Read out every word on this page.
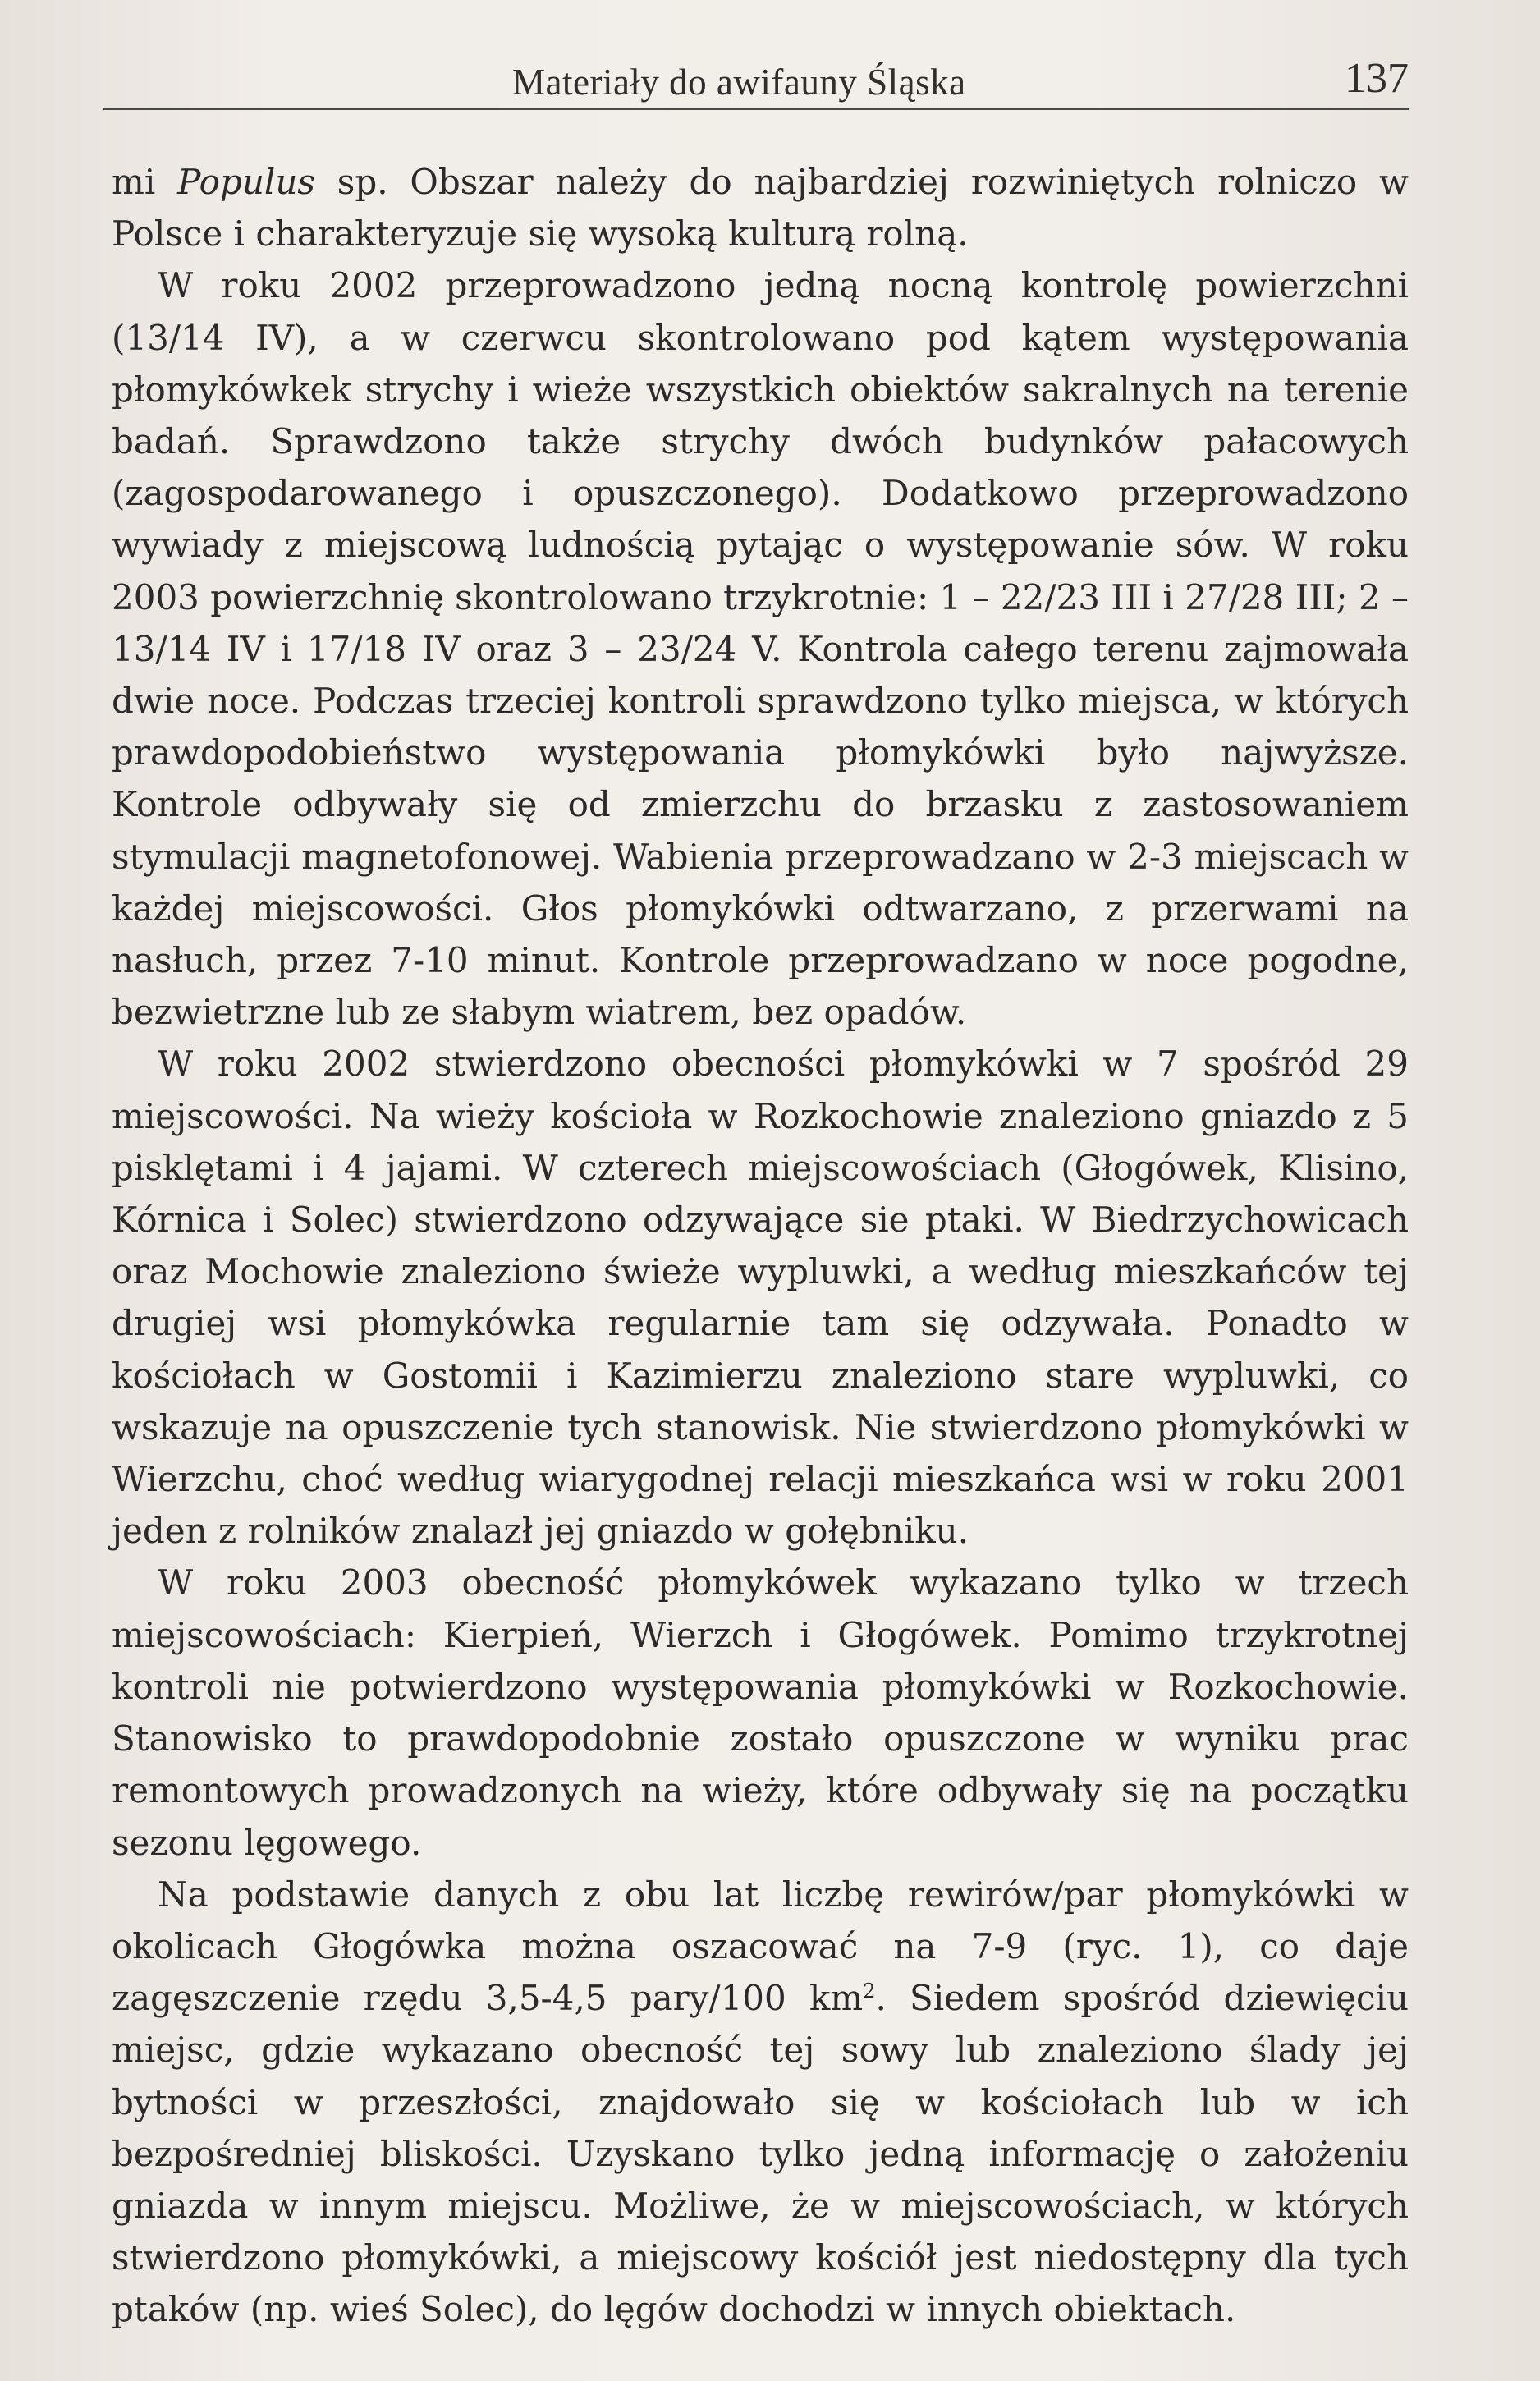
Materiały do awifauny Śląska	137

mi Populus sp. Obszar należy do najbardziej rozwiniętych rolniczo w Polsce i charakteryzuje się wysoką kulturą rolną.

W roku 2002 przeprowadzono jedną nocną kontrolę powierzchni (13/14 IV), a w czerwcu skontrolowano pod kątem występowania płomykówkek strychy i wieże wszystkich obiektów sakralnych na terenie badań. Sprawdzono także strychy dwóch budynków pałacowych (zagospodarowanego i opuszczonego). Dodatkowo przeprowadzono wywiady z miejscową ludnością pytając o występowanie sów. W roku 2003 powierzchnię skontrolowano trzykrotnie: 1 – 22/23 III i 27/28 III; 2 – 13/14 IV i 17/18 IV oraz 3 – 23/24 V. Kontrola całego terenu zajmowała dwie noce. Podczas trzeciej kontroli sprawdzono tylko miejsca, w których prawdopodobieństwo występowania płomykówki było najwyższe. Kontrole odbywały się od zmierzchu do brzasku z zastosowaniem stymulacji magnetofonowej. Wabienia przeprowadzano w 2-3 miejscach w każdej miejscowości. Głos płomykówki odtwarzano, z przerwami na nasłuch, przez 7-10 minut. Kontrole przeprowadzano w noce pogodne, bezwietrzne lub ze słabym wiatrem, bez opadów.

W roku 2002 stwierdzono obecności płomykówki w 7 spośród 29 miejscowości. Na wieży kościoła w Rozkochowie znaleziono gniazdo z 5 pisklętami i 4 jajami. W czterech miejscowościach (Głogówek, Klisino, Kórnica i Solec) stwierdzono odzywające sie ptaki. W Biedrzychowicach oraz Mochowie znaleziono świeże wypluwki, a według mieszkańców tej drugiej wsi płomykówka regularnie tam się odzywała. Ponadto w kościołach w Gostomii i Kazimierzu znaleziono stare wypluwki, co wskazuje na opuszczenie tych stanowisk. Nie stwierdzono płomykówki w Wierzchu, choć według wiarygodnej relacji mieszkańca wsi w roku 2001 jeden z rolników znalazł jej gniazdo w gołębniku.

W roku 2003 obecność płomykówek wykazano tylko w trzech miejscowościach: Kierpień, Wierzch i Głogówek. Pomimo trzykrotnej kontroli nie potwierdzono występowania płomykówki w Rozkochowie. Stanowisko to prawdopodobnie zostało opuszczone w wyniku prac remontowych prowadzonych na wieży, które odbywały się na początku sezonu lęgowego.

Na podstawie danych z obu lat liczbę rewirów/par płomykówki w okolicach Głogówka można oszacować na 7-9 (ryc. 1), co daje zagęszczenie rzędu 3,5-4,5 pary/100 $km^2$. Siedem spośród dziewięciu miejsc, gdzie wykazano obecność tej sowy lub znaleziono ślady jej bytności w przeszłości, znajdowało się w kościołach lub w ich bezpośredniej bliskości. Uzyskano tylko jedną informację o założeniu gniazda w innym miejscu. Możliwe, że w miejscowościach, w których stwierdzono płomykówki, a miejscowy kościół jest niedostępny dla tych ptaków (np. wieś Solec), do lęgów dochodzi w innych obiektach.
